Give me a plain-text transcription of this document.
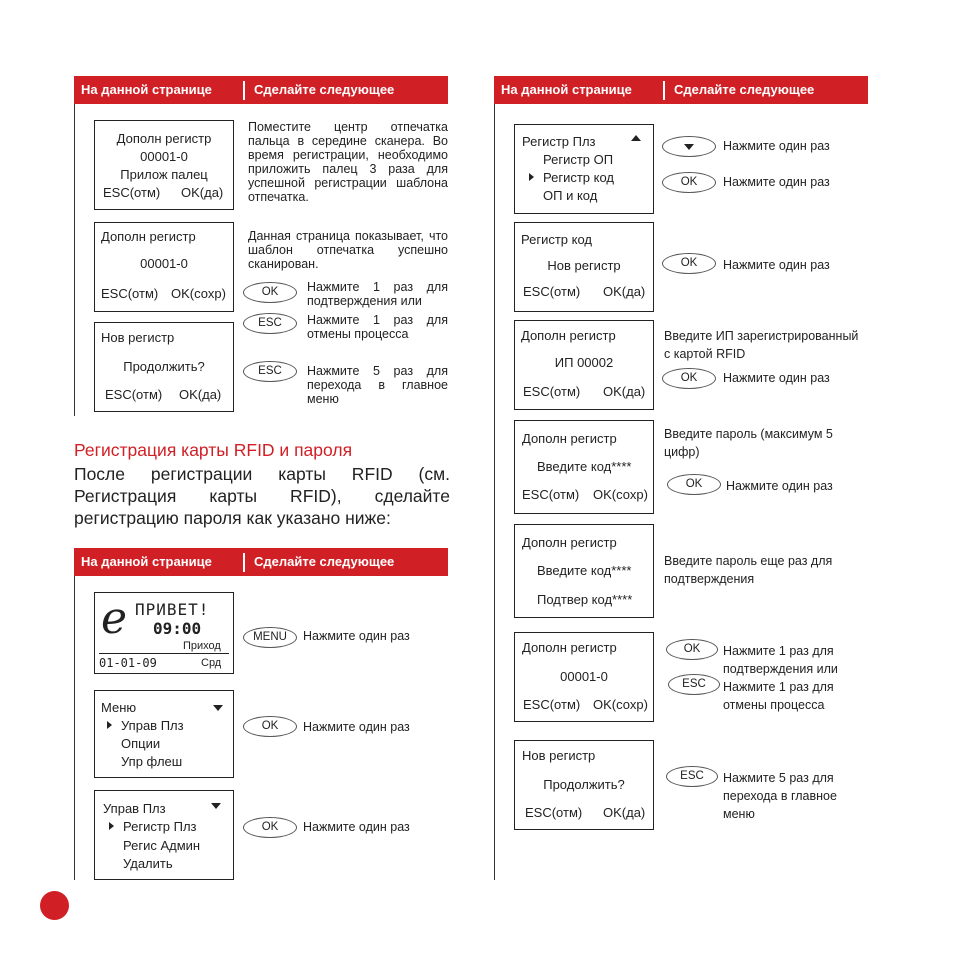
На данной странице	Сделайте следующее
Дополн регистр
00001-0
Прилож палец
ESC(отм) OK(да)
Поместите центр отпечатка пальца в середине сканера. Во время регистрации, необходимо приложить палец 3 раза для успешной регистрации шаблона отпечатка.
Дополн регистр
00001-0
ESC(отм) OK(сохр)
Данная страница показывает, что шаблон отпечатка успешно сканирован.
OK	Нажмите 1 раз для подтверждения или
ESC	Нажмите 1 раз для отмены процесса
Нов регистр
Продолжить?
ESC(отм) OK(да)
ESC	Нажмите 5 раз для перехода в главное меню
Регистрация карты RFID и пароля
После регистрации карты RFID (см. Регистрация карты RFID), сделайте регистрацию пароля как указано ниже:
На данной странице	Сделайте следующее
e ПРИВЕТ!
09:00
Приход
01-01-09	Срд
MENU	Нажмите один раз
Меню
Управ Плз
Опции
Упр флеш
OK	Нажмите один раз
Управ Плз
Регистр Плз
Регис Админ
Удалить
OK	Нажмите один раз
На данной странице	Сделайте следующее
Регистр Плз
Регистр ОП
Регистр код
ОП и код
Нажмите один раз
OK	Нажмите один раз
Регистр код
Нов регистр
ESC(отм) OK(да)
OK	Нажмите один раз
Дополн регистр
ИП 00002
ESC(отм) OK(да)
Введите ИП зарегистрированный с картой RFID
OK	Нажмите один раз
Дополн регистр
Введите код****
ESC(отм) OK(сохр)
Введите пароль (максимум 5 цифр)
OK	Нажмите один раз
Дополн регистр
Введите код****
Подтвер код****
Введите пароль еще раз для подтверждения
Дополн регистр
00001-0
ESC(отм) OK(сохр)
OK	Нажмите 1 раз для подтверждения или
ESC	Нажмите 1 раз для отмены процесса
Нов регистр
Продолжить?
ESC(отм) OK(да)
ESC	Нажмите 5 раз для перехода в главное меню
